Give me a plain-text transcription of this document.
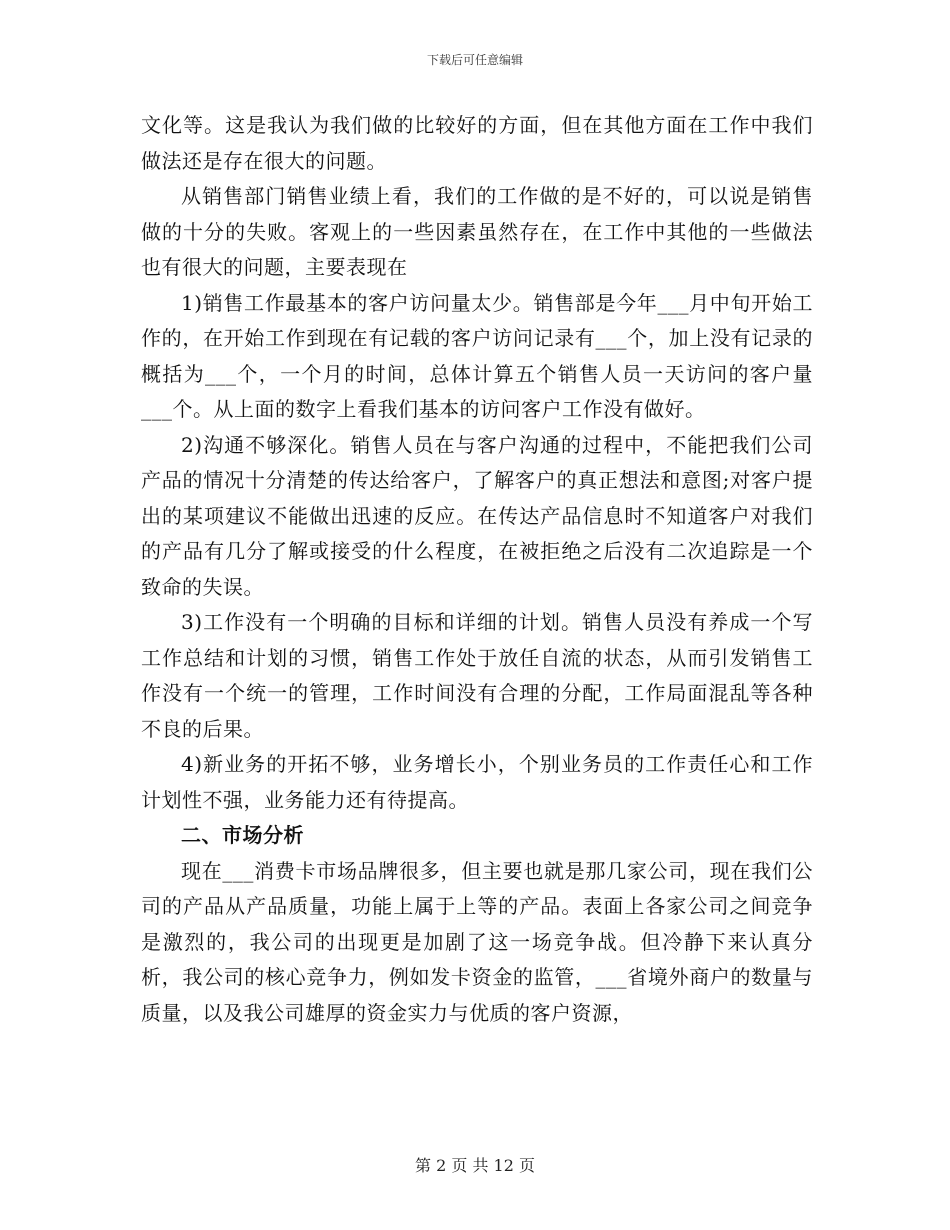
下载后可任意编辑

文化等。这是我认为我们做的比较好的方面，但在其他方面在工作中我们做法还是存在很大的问题。

从销售部门销售业绩上看，我们的工作做的是不好的，可以说是销售做的十分的失败。客观上的一些因素虽然存在，在工作中其他的一些做法也有很大的问题，主要表现在

1)销售工作最基本的客户访问量太少。销售部是今年___月中旬开始工作的，在开始工作到现在有记载的客户访问记录有___个，加上没有记录的概括为___个，一个月的时间，总体计算五个销售人员一天访问的客户量___个。从上面的数字上看我们基本的访问客户工作没有做好。

2)沟通不够深化。销售人员在与客户沟通的过程中，不能把我们公司产品的情况十分清楚的传达给客户，了解客户的真正想法和意图;对客户提出的某项建议不能做出迅速的反应。在传达产品信息时不知道客户对我们的产品有几分了解或接受的什么程度，在被拒绝之后没有二次追踪是一个致命的失误。

3)工作没有一个明确的目标和详细的计划。销售人员没有养成一个写工作总结和计划的习惯，销售工作处于放任自流的状态，从而引发销售工作没有一个统一的管理，工作时间没有合理的分配，工作局面混乱等各种不良的后果。

4)新业务的开拓不够，业务增长小，个别业务员的工作责任心和工作计划性不强，业务能力还有待提高。

二、市场分析

现在___消费卡市场品牌很多，但主要也就是那几家公司，现在我们公司的产品从产品质量，功能上属于上等的产品。表面上各家公司之间竞争是激烈的，我公司的出现更是加剧了这一场竞争战。但冷静下来认真分析，我公司的核心竞争力，例如发卡资金的监管，___省境外商户的数量与质量，以及我公司雄厚的资金实力与优质的客户资源，

第 2 页 共 12 页
